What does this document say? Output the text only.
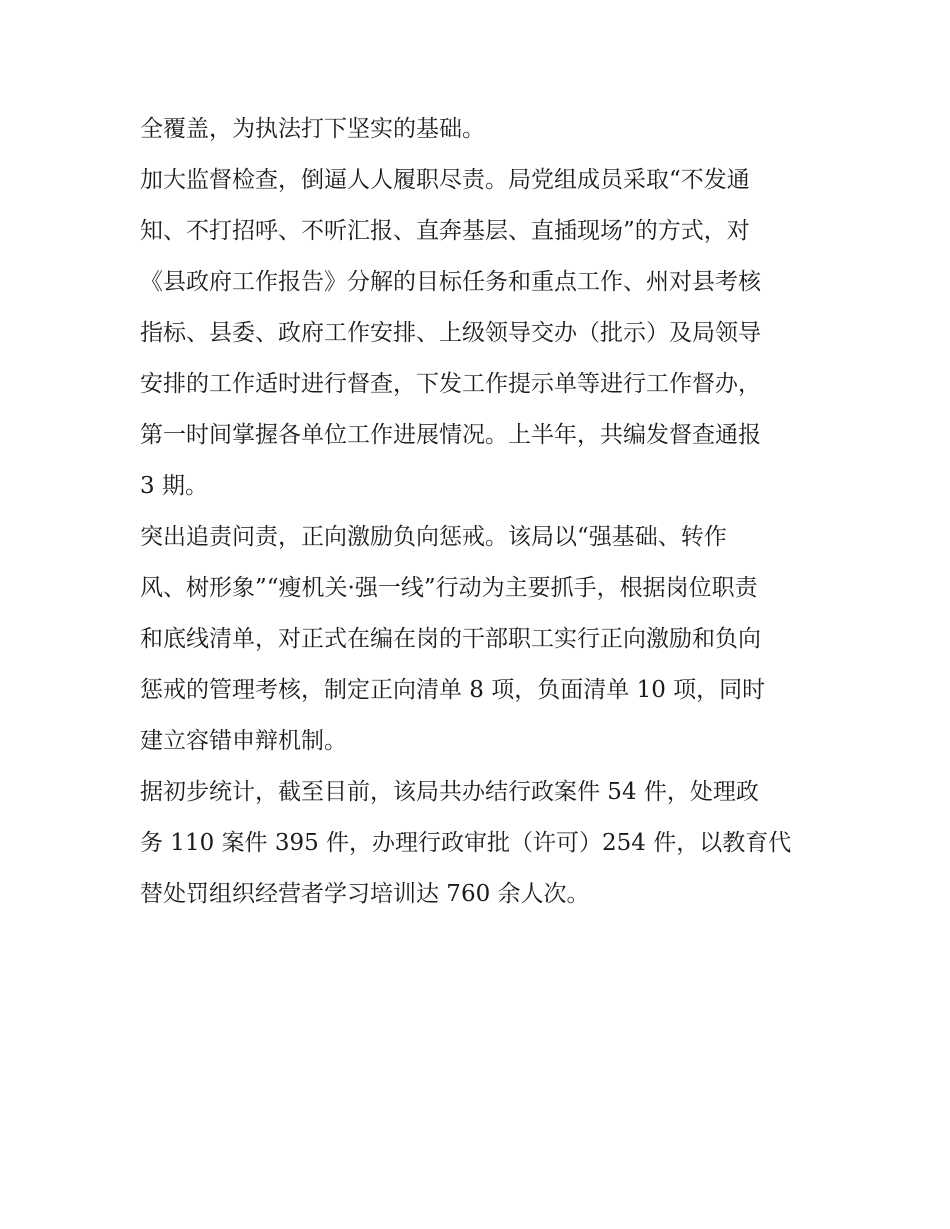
全覆盖，为执法打下坚实的基础。
加大监督检查，倒逼人人履职尽责。局党组成员采取“不发通
知、不打招呼、不听汇报、直奔基层、直插现场”的方式，对
《县政府工作报告》分解的目标任务和重点工作、州对县考核
指标、县委、政府工作安排、上级领导交办（批示）及局领导
安排的工作适时进行督查，下发工作提示单等进行工作督办，
第一时间掌握各单位工作进展情况。上半年，共编发督查通报
3 期。
突出追责问责，正向激励负向惩戒。该局以“强基础、转作
风、树形象”“瘦机关·强一线”行动为主要抓手，根据岗位职责
和底线清单，对正式在编在岗的干部职工实行正向激励和负向
惩戒的管理考核，制定正向清单 8 项，负面清单 10 项，同时
建立容错申辩机制。
据初步统计，截至目前，该局共办结行政案件 54 件，处理政
务 110 案件 395 件，办理行政审批（许可）254 件，以教育代
替处罚组织经营者学习培训达 760 余人次。
